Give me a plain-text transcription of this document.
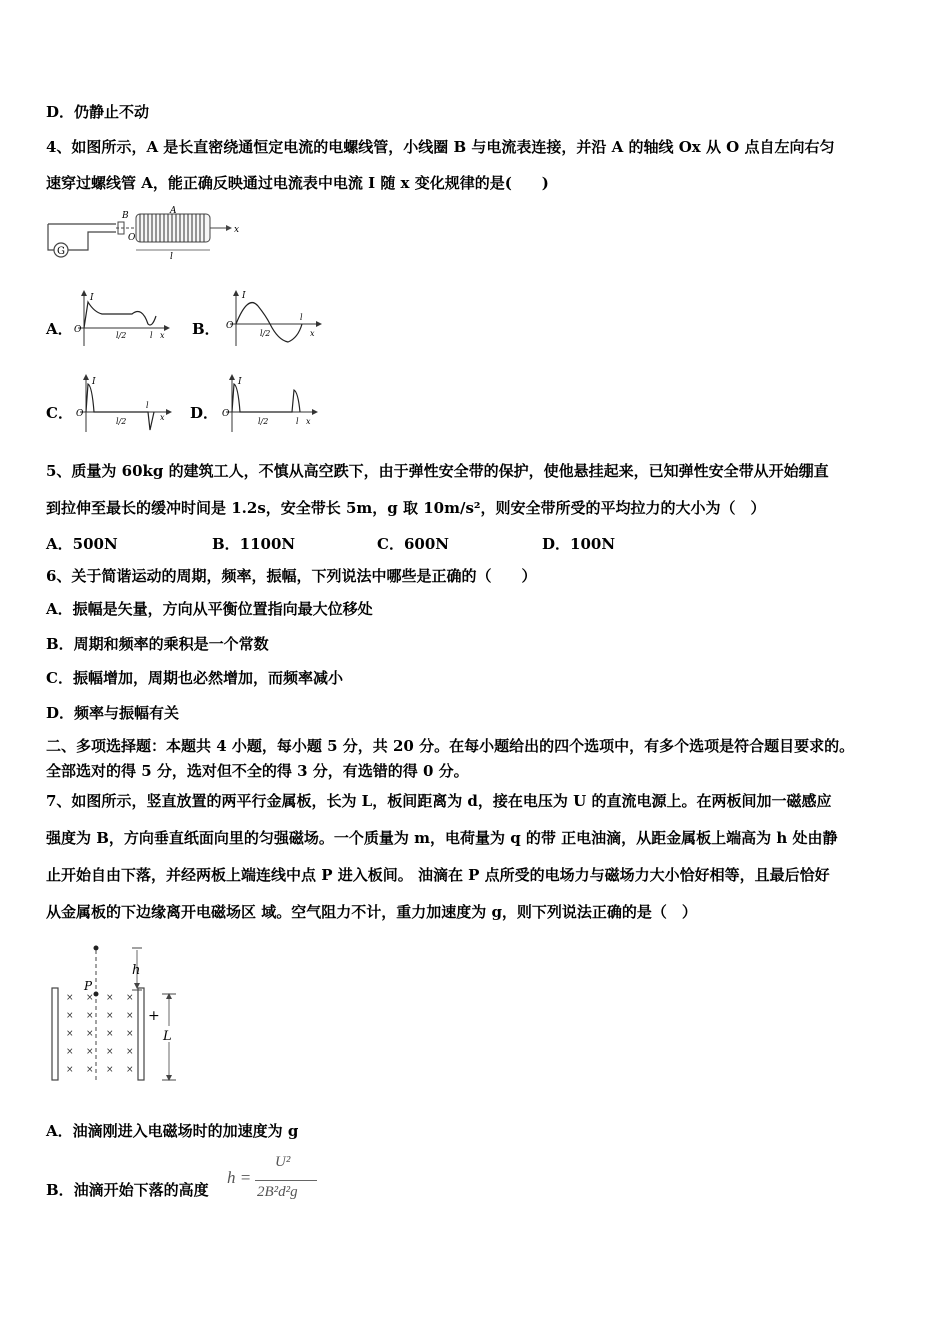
D．仍静止不动
4、如图所示，A 是长直密绕通恒定电流的电螺线管，小线圈 B 与电流表连接，并沿 A 的轴线 Ox 从 O 点自左向右匀
速穿过螺线管 A，能正确反映通过电流表中电流 I 随 x 变化规律的是(　　)
G
B	A
O
x
l
A．
I
O
l/2	l x B．
I
O
l/2
l
x
C．
I
O
l/2
l
x D．
I
O
l/2	l x
5、质量为 60kg 的建筑工人，不慎从高空跌下，由于弹性安全带的保护，使他悬挂起来，已知弹性安全带从开始绷直
到拉伸至最长的缓冲时间是 1.2s，安全带长 5m，g 取 10m/s²，则安全带所受的平均拉力的大小为（　）
A．500N	B．1100N	C．600N	D．100N
6、关于简谐运动的周期，频率，振幅，下列说法中哪些是正确的（　　）
A．振幅是矢量，方向从平衡位置指向最大位移处
B．周期和频率的乘积是一个常数
C．振幅增加，周期也必然增加，而频率减小
D．频率与振幅有关
二、多项选择题：本题共 4 小题，每小题 5 分，共 20 分。在每小题给出的四个选项中，有多个选项是符合题目要求的。
全部选对的得 5 分，选对但不全的得 3 分，有选错的得 0 分。
7、如图所示，竖直放置的两平行金属板，长为 L，板间距离为 d，接在电压为 U 的直流电源上。在两板间加一磁感应
强度为 B，方向垂直纸面向里的匀强磁场。一个质量为 m，电荷量为 q 的带 正电油滴，从距金属板上端高为 h 处由静
止开始自由下落，并经两板上端连线中点 P 进入板间。 油滴在 P 点所受的电场力与磁场力大小恰好相等，且最后恰好
从金属板的下边缘离开电磁场区 域。空气阻力不计，重力加速度为 g，则下列说法正确的是（　）
h
P
× × × ×
× × × ×
× × × ×
× × × ×
× × × ×
+
L
A．油滴刚进入电磁场时的加速度为 g
B．油滴开始下落的高度
h =
U²
2B²d²g
